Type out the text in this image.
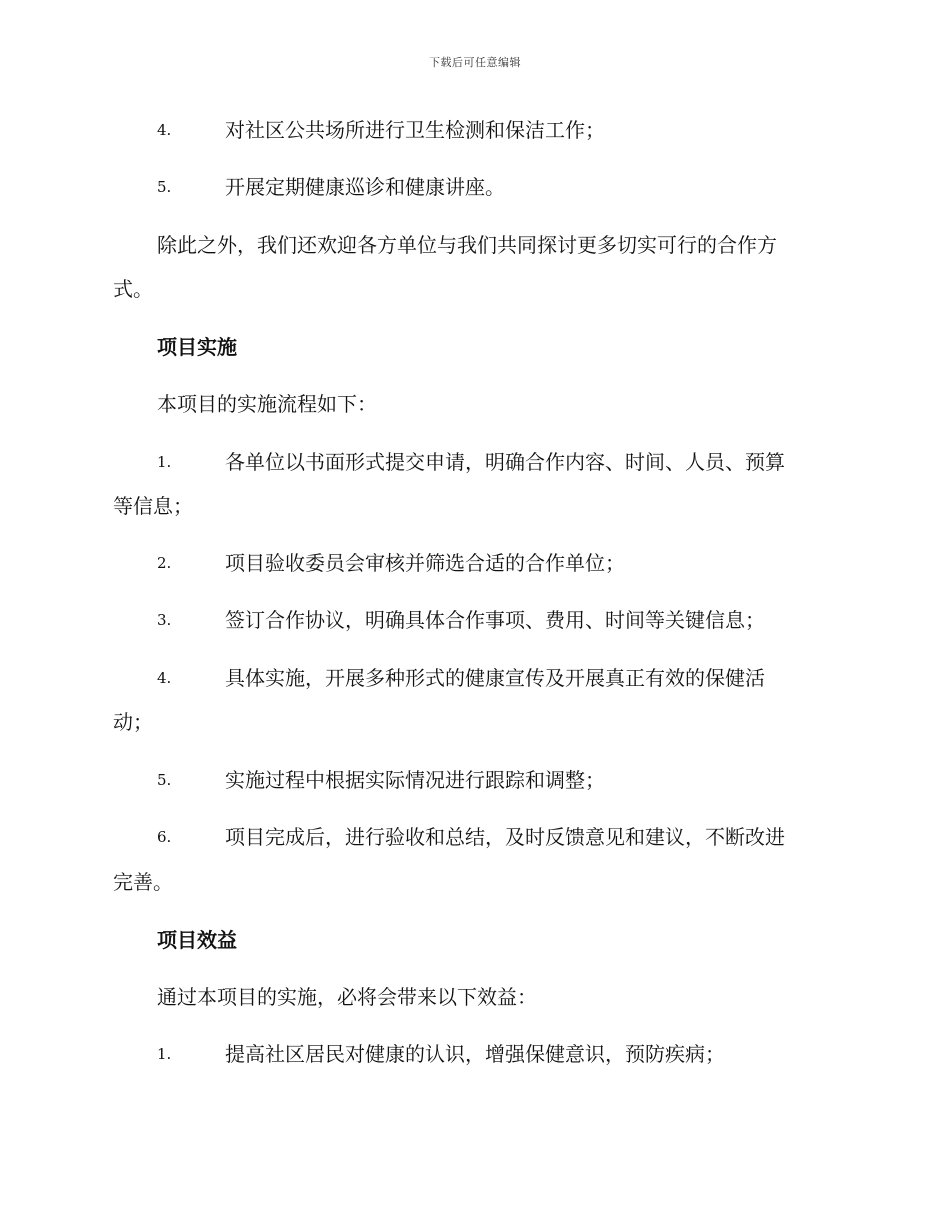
下载后可任意编辑
4.	对社区公共场所进行卫生检测和保洁工作；
5.	开展定期健康巡诊和健康讲座。
除此之外，我们还欢迎各方单位与我们共同探讨更多切实可行的合作方
式。
项目实施
本项目的实施流程如下：
1.	各单位以书面形式提交申请，明确合作内容、时间、人员、预算
等信息；
2.	项目验收委员会审核并筛选合适的合作单位；
3.	签订合作协议，明确具体合作事项、费用、时间等关键信息；
4.	具体实施，开展多种形式的健康宣传及开展真正有效的保健活
动；
5.	实施过程中根据实际情况进行跟踪和调整；
6.	项目完成后，进行验收和总结，及时反馈意见和建议，不断改进
完善。
项目效益
通过本项目的实施，必将会带来以下效益：
1.	提高社区居民对健康的认识，增强保健意识，预防疾病；
